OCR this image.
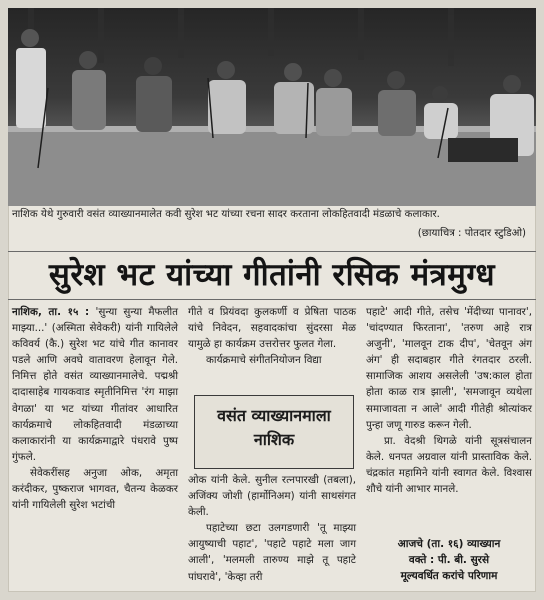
नाशिक येथे गुरुवारी वसंत व्याख्यानमालेत कवी सुरेश भट यांच्या रचना सादर करताना लोकहितवादी मंडळाचे कलाकार.
(छायाचित्र : पोतदार स्टुडिओ)
सुरेश भट यांच्या गीतांनी रसिक मंत्रमुग्ध

नाशिक, ता. १५ : 'सुन्या सुन्या मैफलीत माझ्या...' (अस्मिता सेवेकरी) यांनी गायिलेले कविवर्य (कै.) सुरेश भट यांचे गीत कानावर पडले आणि अवघे वातावरण हेलावून गेले. निमित्त होते वसंत व्याख्यानमालेचे. पद्मश्री दादासाहेब गायकवाड स्मृतीनिमित्त 'रंग माझा वेगळा' या भट यांच्या गीतांवर आधारित कार्यक्रमाचे लोकहितवादी मंडळाच्या कलाकारांनी या कार्यक्रमाद्वारे पंधरावे पुष्प गुंफले.

सेवेकरींसह अनुजा ओक, अमृता करंदीकर, पुष्कराज भागवत, चैतन्य केळकर यांनी गायिलेली सुरेश भटांची

गीते व प्रियंवदा कुलकर्णी व प्रेषिता पाठक यांचे निवेदन, सहवादकांचा सुंदरसा मेळ यामुळे हा कार्यक्रम उत्तरोत्तर फुलत गेला.

कार्यक्रमाचे संगीतनियोजन विद्या

वसंत व्याख्यानमाला
नाशिक

ओक यांनी केले. सुनील रत्नपारखी (तबला), अजिंक्य जोशी (हार्मोनिअम) यांनी साथसंगत केली.

पहाटेच्या छटा उलगडणारी 'तू माझ्या आयुष्याची पहाट', 'पहाटे पहाटे मला जाग आली', 'मलमली तारुण्य माझे तू पहाटे पांघरावे', 'केव्हा तरी

पहाटे' आदी गीते, तसेच 'मेंदीच्या पानावर', 'चांदण्यात फिरताना', 'तरुण आहे रात्र अजुनी', 'मालवून टाक दीप', 'चेतवून अंग अंग' ही सदाबहार गीते रंगतदार ठरली. सामाजिक आशय असलेली 'उष:काल होता होता काळ रात्र झाली', 'समजावून व्यथेला समाजावता न आले' आदी गीतेही श्रोत्यांकर पुन्हा जणू गारुड करून गेली.

प्रा. वेदश्री थिगळे यांनी सूत्रसंचालन केले. धनपत अग्रवाल यांनी प्रास्ताविक केले. चंद्रकांत महामिने यांनी स्वागत केले. विश्वास शौचे यांनी आभार मानले.

आजचे (ता. १६) व्याख्यान
वक्ते : पी. बी. सुरसे
मूल्यवर्धित करांचे परिणाम
